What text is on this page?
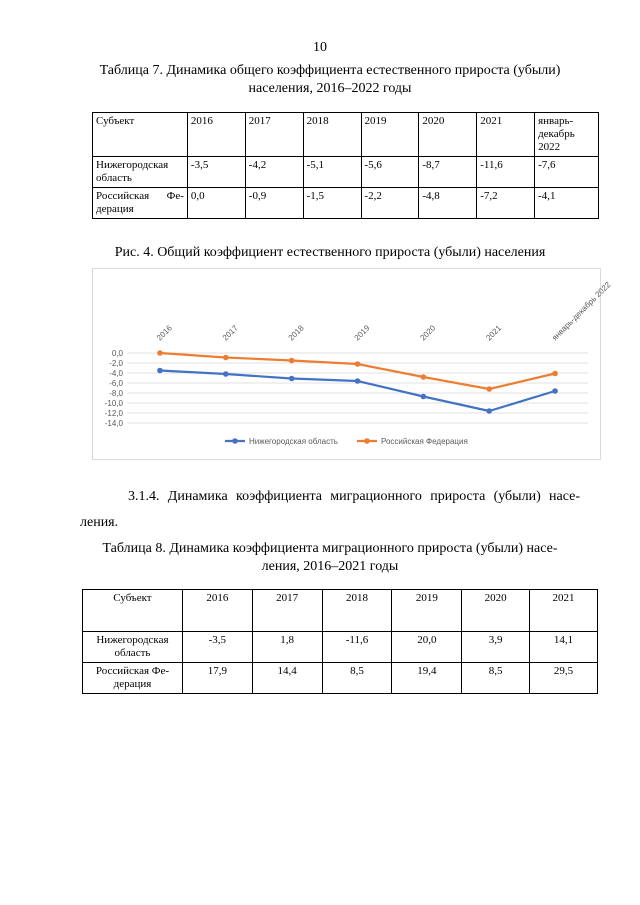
10
Таблица 7. Динамика общего коэффициента естественного прироста (убыли)
населения, 2016–2022 годы
Субъект	2016	2017	2018	2019	2020	2021	январь-
декабрь
2022

Нижегородская
область	-3,5	-4,2	-5,1	-5,6	-8,7	-11,6	-7,6

Российская Фе-
дерация	0,0	-0,9	-1,5	-2,2	-4,8	-7,2	-4,1
Рис. 4. Общий коэффициент естественного прироста (убыли) населения
0,0
-2,0
-4,0
-6,0
-8,0
-10,0
-12,0
-14,0
2016	2017	2018	2019	2020	2021	январь-декабрь 2022
Нижегородская область	Российская Федерация
3.1.4. Динамика коэффициента миграционного прироста (убыли) насе-
ления.
Таблица 8. Динамика коэффициента миграционного прироста (убыли) насе-
ления, 2016–2021 годы
Субъект	2016	2017	2018	2019	2020	2021

Нижегородская
область	-3,5	1,8	-11,6	20,0	3,9	14,1

Российская Фе-
дерация	17,9	14,4	8,5	19,4	8,5	29,5
